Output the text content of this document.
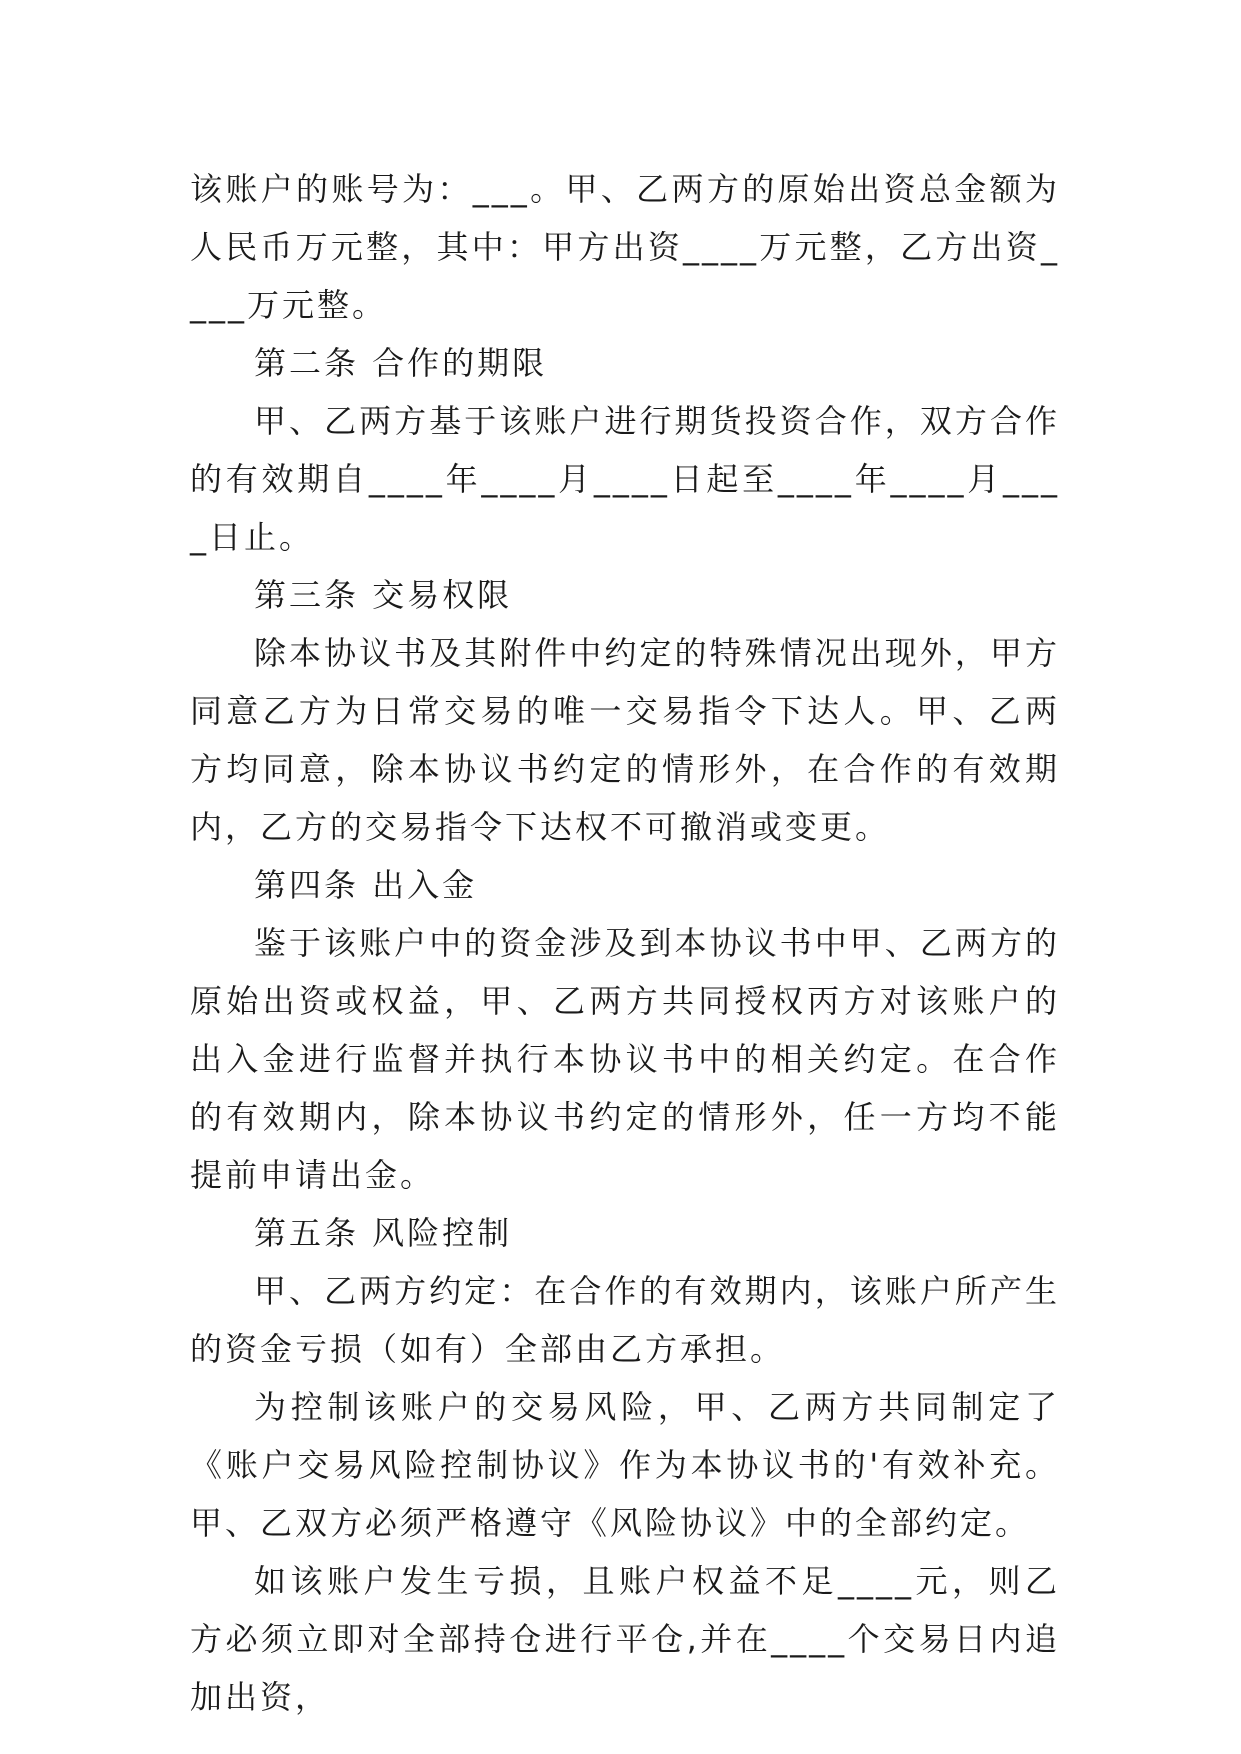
该账户的账号为：___。甲、乙两方的原始出资总金额为人民币万元整，其中：甲方出资____万元整，乙方出资____万元整。

第二条 合作的期限

甲、乙两方基于该账户进行期货投资合作，双方合作的有效期自____年____月____日起至____年____月____日止。

第三条 交易权限

除本协议书及其附件中约定的特殊情况出现外，甲方同意乙方为日常交易的唯一交易指令下达人。甲、乙两方均同意，除本协议书约定的情形外，在合作的有效期内，乙方的交易指令下达权不可撤消或变更。

第四条 出入金

鉴于该账户中的资金涉及到本协议书中甲、乙两方的原始出资或权益，甲、乙两方共同授权丙方对该账户的出入金进行监督并执行本协议书中的相关约定。在合作的有效期内，除本协议书约定的情形外，任一方均不能提前申请出金。

第五条 风险控制

甲、乙两方约定：在合作的有效期内，该账户所产生的资金亏损（如有）全部由乙方承担。

为控制该账户的交易风险，甲、乙两方共同制定了《账户交易风险控制协议》作为本协议书的'有效补充。甲、乙双方必须严格遵守《风险协议》中的全部约定。

如该账户发生亏损，且账户权益不足____元，则乙方必须立即对全部持仓进行平仓,并在____个交易日内追加出资，
